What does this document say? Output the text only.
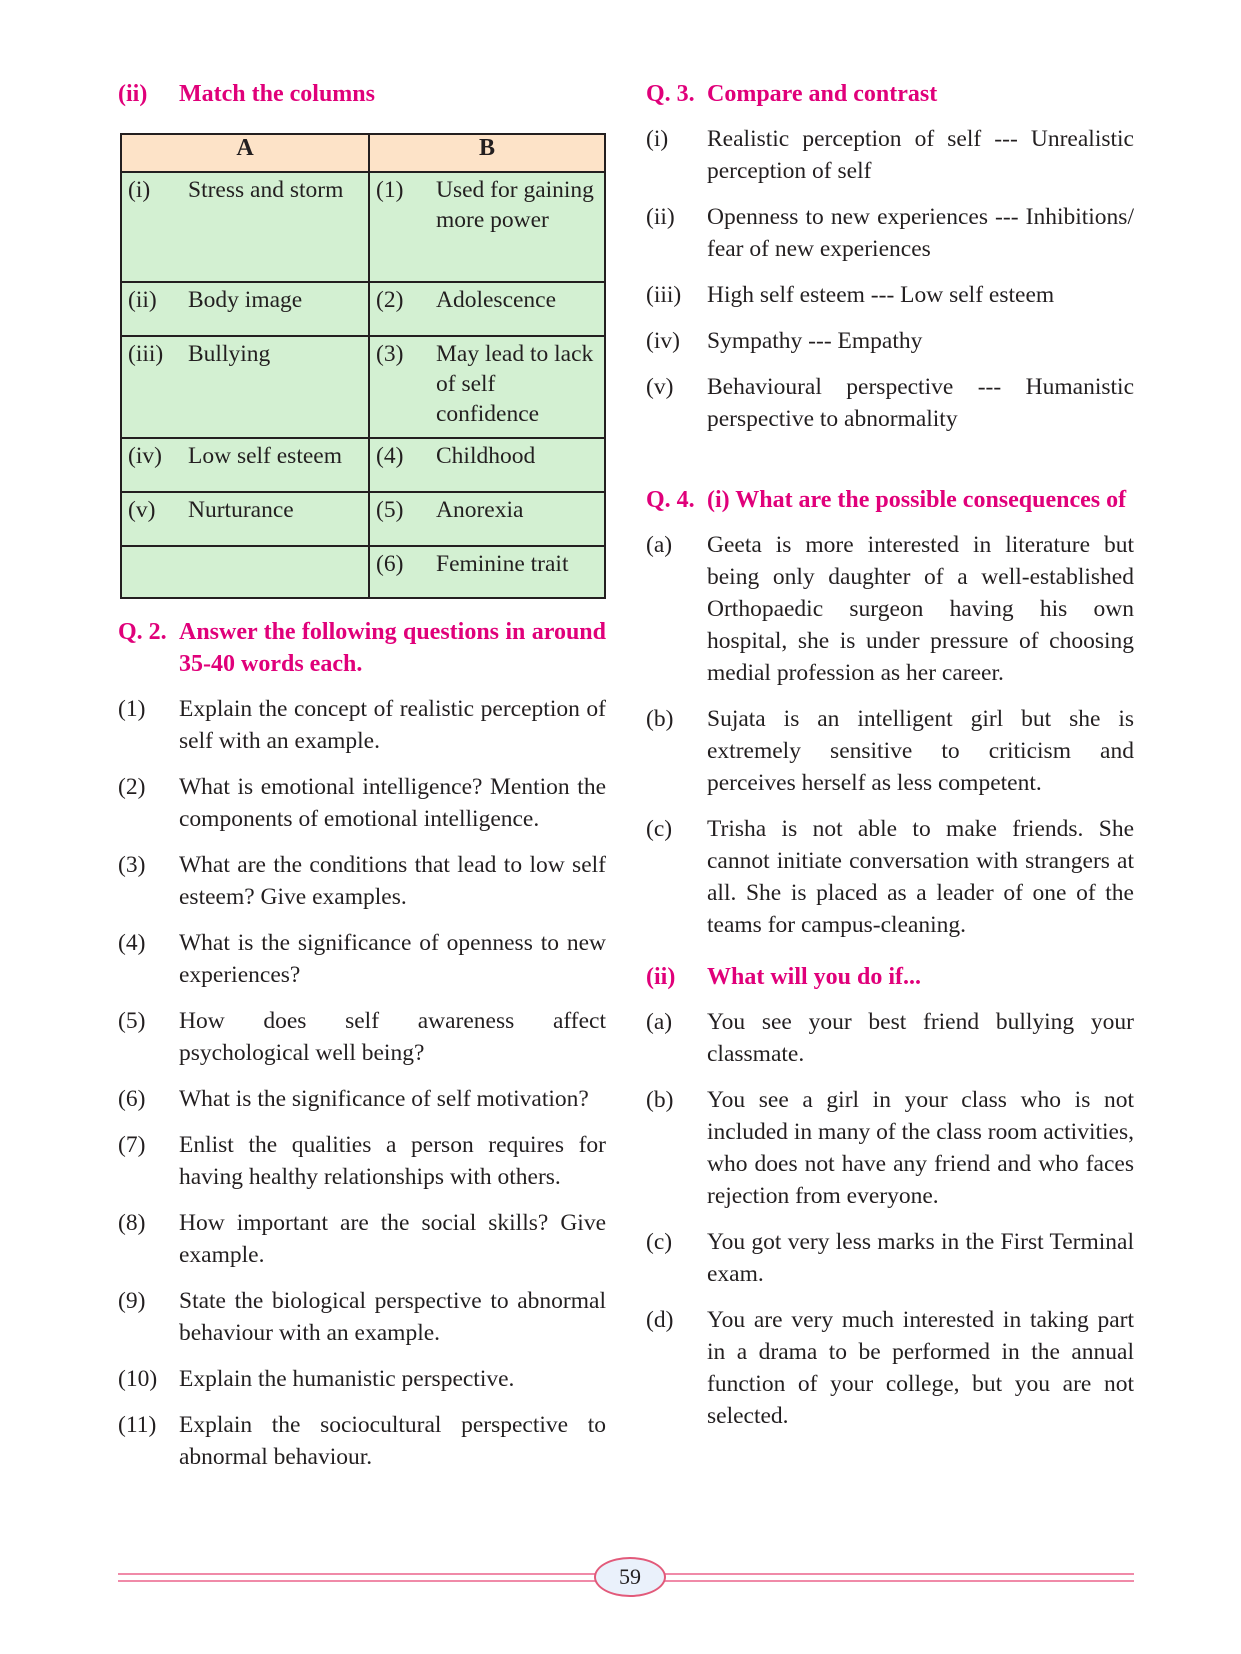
(ii)	Match the columns
A	B

(i) Stress and storm	(1) Used for gaining more power

(ii) Body image	(2) Adolescence

(iii) Bullying	(3) May lead to lack of self confidence

(iv) Low self esteem	(4) Childhood

(v) Nurturance	(5) Anorexia

	(6) Feminine trait
Q. 2. Answer the following questions in around 35-40 words each.
(1)	Explain the concept of realistic perception of self with an example.
(2)	What is emotional intelligence? Mention the components of emotional intelligence.
(3)	What are the conditions that lead to low self esteem? Give examples.
(4)	What is the significance of openness to new experiences?
(5)	How does self awareness affect psychological well being?
(6)	What is the significance of self motivation?
(7)	Enlist the qualities a person requires for having healthy relationships with others.
(8)	How important are the social skills? Give example.
(9)	State the biological perspective to abnormal behaviour with an example.
(10) Explain the humanistic perspective.
(11) Explain the sociocultural perspective to abnormal behaviour.
Q. 3. Compare and contrast
(i)	Realistic perception of self --- Unrealistic perception of self
(ii)	Openness to new experiences --- Inhibitions/ fear of new experiences
(iii)	High self esteem --- Low self esteem
(iv)	Sympathy --- Empathy
(v)	Behavioural perspective --- Humanistic perspective to abnormality
Q. 4. (i) What are the possible consequences of
(a)	Geeta is more interested in literature but being only daughter of a well-established Orthopaedic surgeon having his own hospital, she is under pressure of choosing medial profession as her career.
(b)	Sujata is an intelligent girl but she is extremely sensitive to criticism and perceives herself as less competent.
(c)	Trisha is not able to make friends. She cannot initiate conversation with strangers at all. She is placed as a leader of one of the teams for campus-cleaning.
(ii)	What will you do if...
(a)	You see your best friend bullying your classmate.
(b)	You see a girl in your class who is not included in many of the class room activities, who does not have any friend and who faces rejection from everyone.
(c)	You got very less marks in the First Terminal exam.
(d)	You are very much interested in taking part in a drama to be performed in the annual function of your college, but you are not selected.
59
